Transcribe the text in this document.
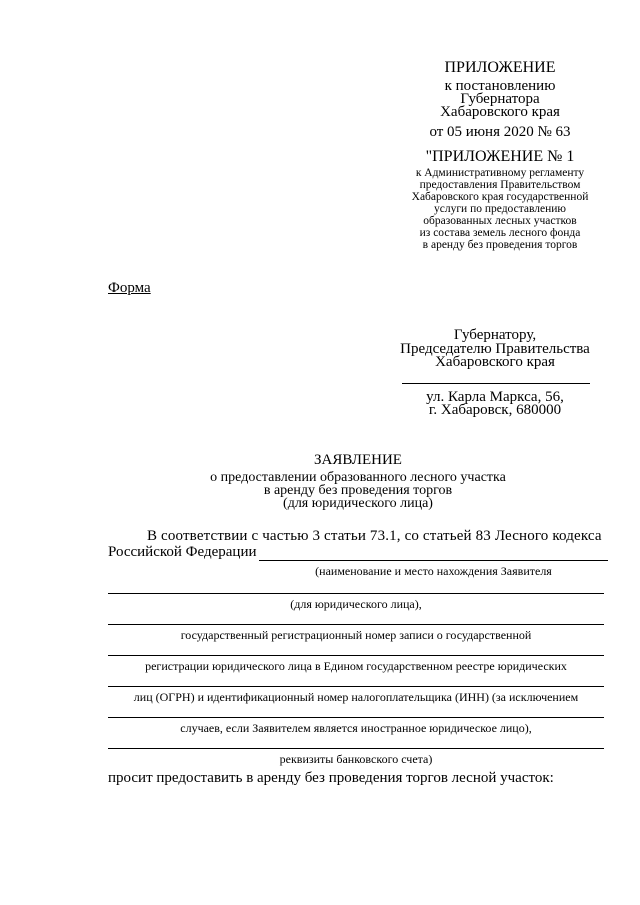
ПРИЛОЖЕНИЕ
к постановлению
Губернатора
Хабаровского края
от 05 июня 2020 № 63
"ПРИЛОЖЕНИЕ № 1
к Административному регламенту
предоставления Правительством
Хабаровского края государственной
услуги по предоставлению
образованных лесных участков
из состава земель лесного фонда
в аренду без проведения торгов
Форма
Губернатору,
Председателю Правительства
Хабаровского края
ул. Карла Маркса, 56,
г. Хабаровск, 680000
ЗАЯВЛЕНИЕ
о предоставлении образованного лесного участка
в аренду без проведения торгов
(для юридического лица)
В соответствии с частью 3 статьи 73.1, со статьей 83 Лесного кодекса
Российской Федерации
(наименование и место нахождения Заявителя
(для юридического лица),
государственный регистрационный номер записи о государственной
регистрации юридического лица в Едином государственном реестре юридических
лиц (ОГРН) и идентификационный номер налогоплательщика (ИНН) (за исключением
случаев, если Заявителем является иностранное юридическое лицо),
реквизиты банковского счета)
просит предоставить в аренду без проведения торгов лесной участок:
